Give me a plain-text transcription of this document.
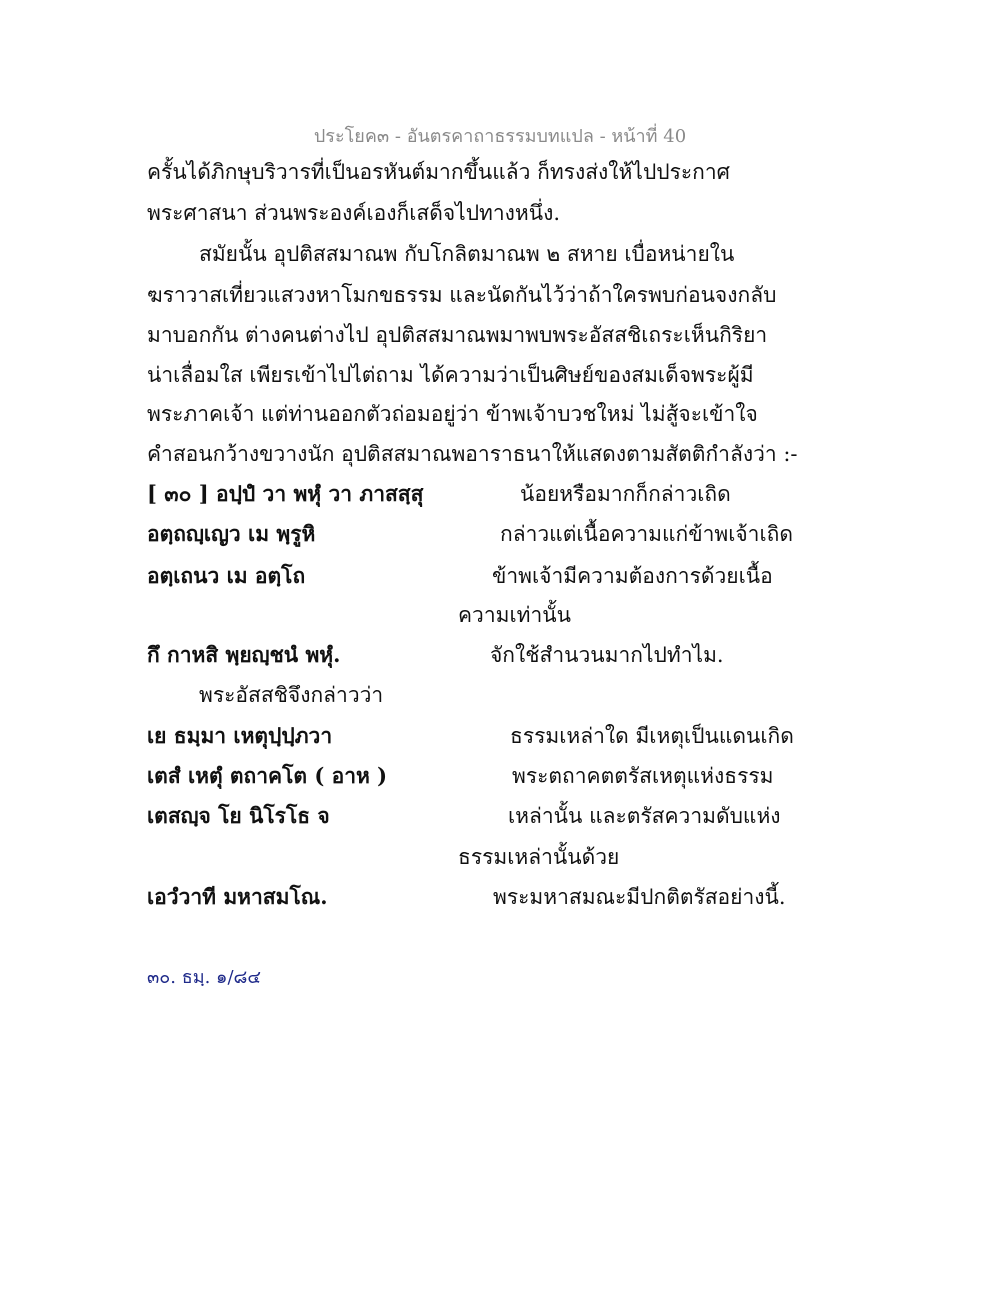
ประโยค๓ - อันตรคาถาธรรมบทแปล - หน้าที่ 40
ครั้นได้ภิกษุบริวารที่เป็นอรหันต์มากขึ้นแล้ว ก็ทรงส่งให้ไปประกาศ
พระศาสนา ส่วนพระองค์เองก็เสด็จไปทางหนึ่ง.
สมัยนั้น อุปติสสมาณพ กับโกลิตมาณพ ๒ สหาย เบื่อหน่ายใน
ฆราวาสเที่ยวแสวงหาโมกขธรรม และนัดกันไว้ว่าถ้าใครพบก่อนจงกลับ
มาบอกกัน ต่างคนต่างไป อุปติสสมาณพมาพบพระอัสสชิเถระเห็นกิริยา
น่าเลื่อมใส เพียรเข้าไปไต่ถาม ได้ความว่าเป็นศิษย์ของสมเด็จพระผู้มี
พระภาคเจ้า แต่ท่านออกตัวถ่อมอยู่ว่า ข้าพเจ้าบวชใหม่ ไม่สู้จะเข้าใจ
คำสอนกว้างขวางนัก อุปติสสมาณพอาราธนาให้แสดงตามสัตติกำลังว่า :-
[ ๓๐ ] อปฺปํ วา พหุํ วา ภาสสฺสุ	น้อยหรือมากก็กล่าวเถิด
อตฺถญฺเญว เม พฺรูหิ	กล่าวแต่เนื้อความแก่ข้าพเจ้าเถิด
อตฺเถนว เม อตฺโถ	ข้าพเจ้ามีความต้องการด้วยเนื้อ
ความเท่านั้น
กึ กาหสิ พฺยญฺชนํ พหุํ.	จักใช้สำนวนมากไปทำไม.
พระอัสสชิจึงกล่าวว่า
เย ธมฺมา เหตุปฺปฺภวา	ธรรมเหล่าใด มีเหตุเป็นแดนเกิด
เตสํ เหตุํ ตถาคโต ( อาห )	พระตถาคตตรัสเหตุแห่งธรรม
เตสญฺจ โย นิโรโธ จ	เหล่านั้น และตรัสความดับแห่ง
ธรรมเหล่านั้นด้วย
เอวํวาที มหาสมโณ.	พระมหาสมณะมีปกติตรัสอย่างนี้.
๓๐. ธมฺ. ๑/๘๔
